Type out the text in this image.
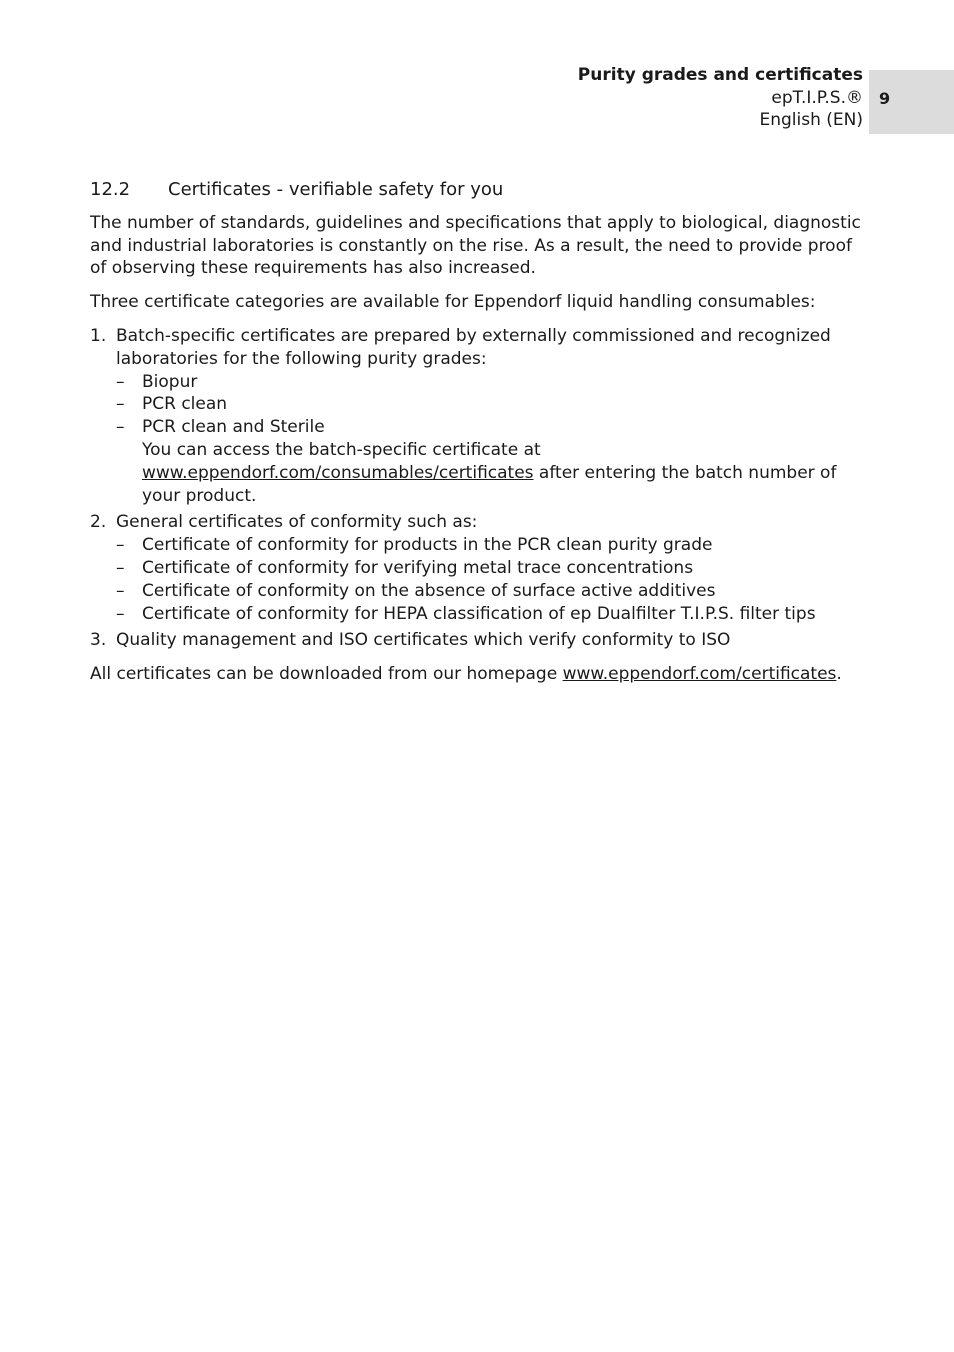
Purity grades and certificates
epT.I.P.S.®
English (EN)
9
12.2 Certificates - verifiable safety for you

The number of standards, guidelines and specifications that apply to biological, diagnostic and industrial laboratories is constantly on the rise. As a result, the need to provide proof of observing these requirements has also increased.

Three certificate categories are available for Eppendorf liquid handling consumables:

1. Batch-specific certificates are prepared by externally commissioned and recognized laboratories for the following purity grades:
– Biopur
– PCR clean
– PCR clean and Sterile
You can access the batch-specific certificate at www.eppendorf.com/consumables/certificates after entering the batch number of your product.
2. General certificates of conformity such as:
– Certificate of conformity for products in the PCR clean purity grade
– Certificate of conformity for verifying metal trace concentrations
– Certificate of conformity on the absence of surface active additives
– Certificate of conformity for HEPA classification of ep Dualfilter T.I.P.S. filter tips
3. Quality management and ISO certificates which verify conformity to ISO

All certificates can be downloaded from our homepage www.eppendorf.com/certificates.
